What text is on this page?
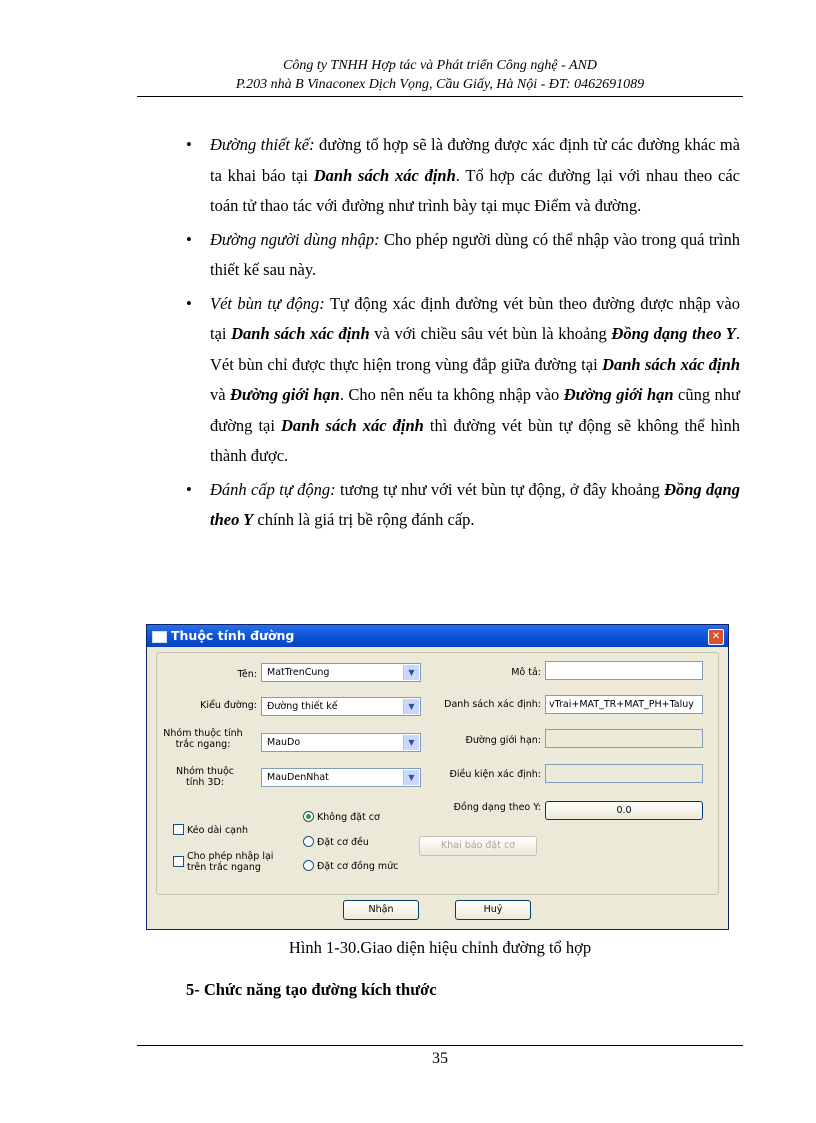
Công ty TNHH Hợp tác và Phát triển Công nghệ - AND
P.203 nhà B Vinaconex Dịch Vọng, Cầu Giấy, Hà Nội - ĐT: 0462691089
• Đường thiết kế: đường tổ hợp sẽ là đường được xác định từ các đường khác mà ta khai báo tại Danh sách xác định. Tổ hợp các đường lại với nhau theo các toán tử thao tác với đường như trình bày tại mục Điểm và đường.
• Đường người dùng nhập: Cho phép người dùng có thể nhập vào trong quá trình thiết kế sau này.
• Vét bùn tự động: Tự động xác định đường vét bùn theo đường được nhập vào tại Danh sách xác định và với chiều sâu vét bùn là khoảng Đồng dạng theo Y. Vét bùn chỉ được thực hiện trong vùng đắp giữa đường tại Danh sách xác định và Đường giới hạn. Cho nên nếu ta không nhập vào Đường giới hạn cũng như đường tại Danh sách xác định thì đường vét bùn tự động sẽ không thể hình thành được.
• Đánh cấp tự động: tương tự như với vét bùn tự động, ở đây khoảng Đồng dạng theo Y chính là giá trị bề rộng đánh cấp.
Thuộc tính đường	✕
Tên:	MatTrenCung	▼
Kiểu đường:	Đường thiết kế	▼
Nhóm thuộc tính trắc ngang:	MauDo	▼
Nhóm thuộc tính 3D:	MauDenNhat	▼
Mô tả:
Danh sách xác định: vTrai+MAT_TR+MAT_PH+Taluy
Đường giới hạn:
Điều kiện xác định:
Đồng dạng theo Y:	0.0
Kéo dài cạnh
Cho phép nhập lại trên trắc ngang
Không đặt cơ
Đặt cơ đều
Đặt cơ đồng mức
Khai báo đặt cơ
Nhận	Huỷ
Hình 1-30.Giao diện hiệu chỉnh đường tổ hợp
5- Chức năng tạo đường kích thước
35
